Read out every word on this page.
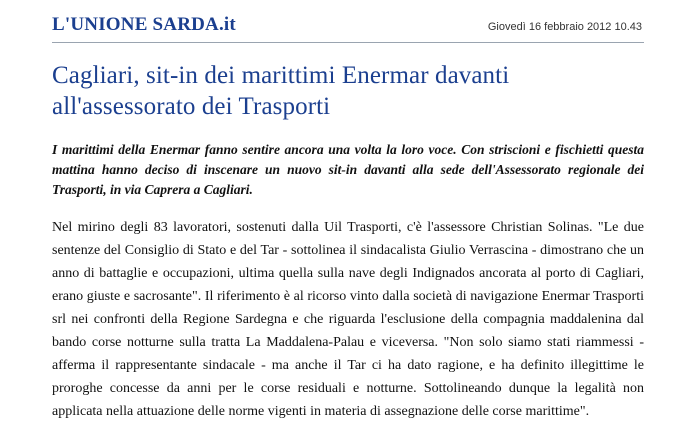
L'UNIONE SARDA.it	Giovedì 16 febbraio 2012 10.43
Cagliari, sit-in dei marittimi Enermar davanti all'assessorato dei Trasporti

I marittimi della Enermar fanno sentire ancora una volta la loro voce. Con striscioni e fischietti questa mattina hanno deciso di inscenare un nuovo sit-in davanti alla sede dell'Assessorato regionale dei Trasporti, in via Caprera a Cagliari.

Nel mirino degli 83 lavoratori, sostenuti dalla Uil Trasporti, c'è l'assessore Christian Solinas. "Le due sentenze del Consiglio di Stato e del Tar - sottolinea il sindacalista Giulio Verrascina - dimostrano che un anno di battaglie e occupazioni, ultima quella sulla nave degli Indignados ancorata al porto di Cagliari, erano giuste e sacrosante". Il riferimento è al ricorso vinto dalla società di navigazione Enermar Trasporti srl nei confronti della Regione Sardegna e che riguarda l'esclusione della compagnia maddalenina dal bando corse notturne sulla tratta La Maddalena-Palau e viceversa. "Non solo siamo stati riammessi - afferma il rappresentante sindacale - ma anche il Tar ci ha dato ragione, e ha definito illegittime le proroghe concesse da anni per le corse residuali e notturne. Sottolineando dunque la legalità non applicata nella attuazione delle norme vigenti in materia di assegnazione delle corse marittime".
